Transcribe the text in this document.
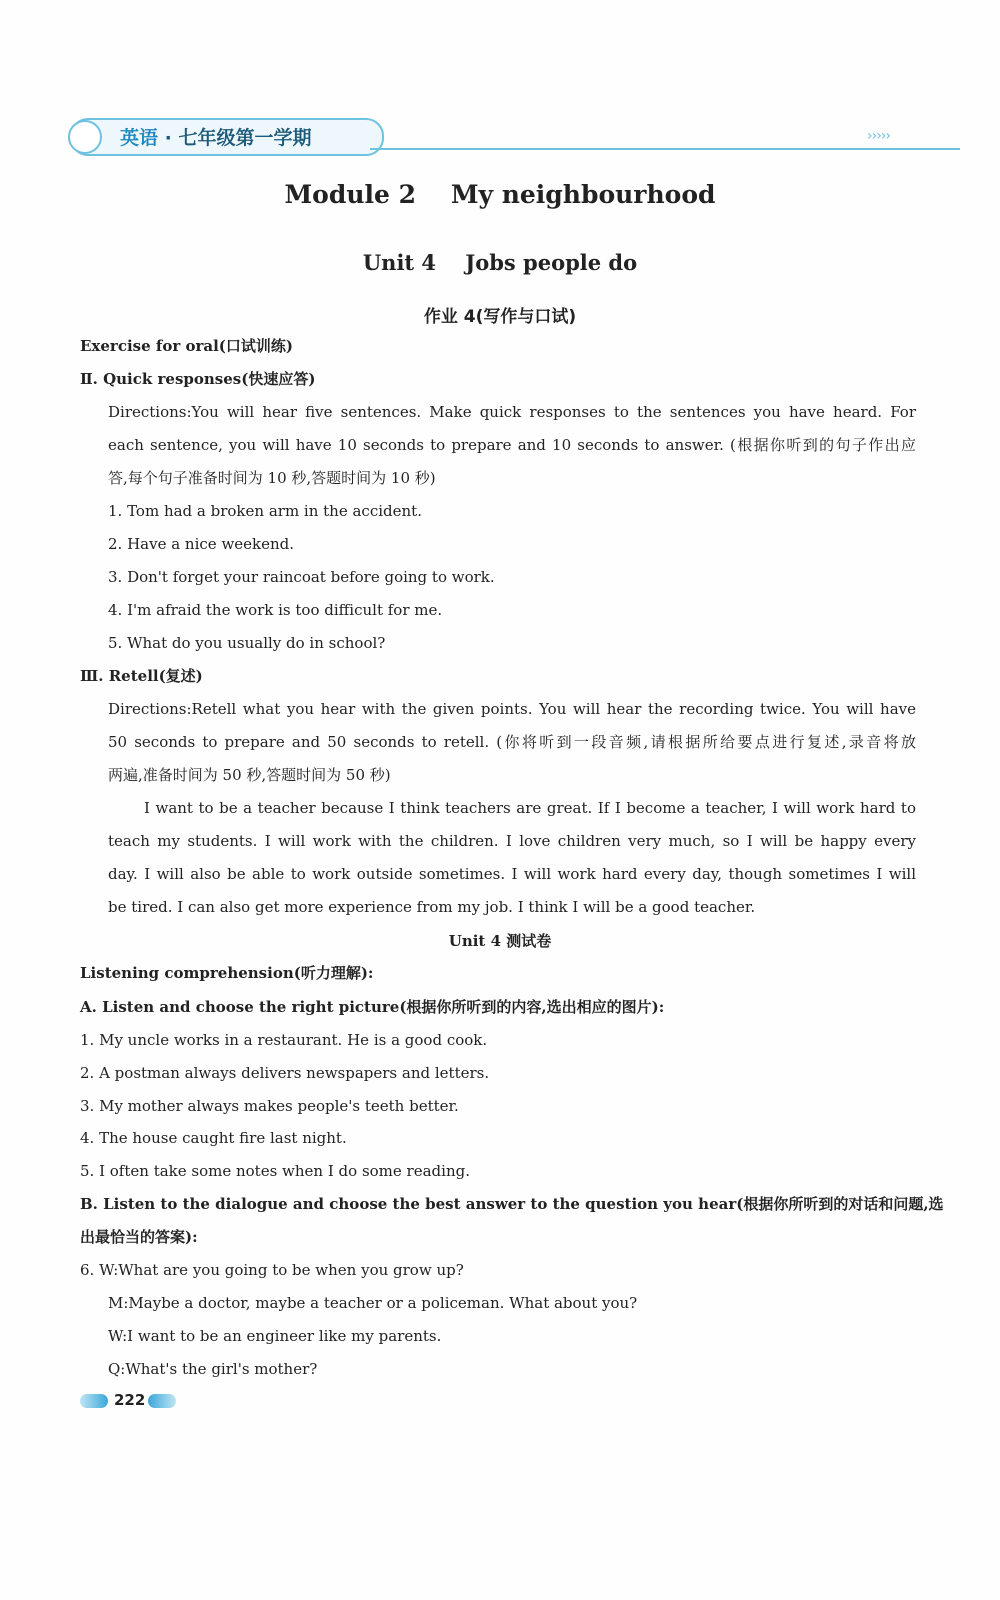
英语 · 七年级第一学期	›››››
Module 2    My neighbourhood
Unit 4    Jobs people do
作业 4(写作与口试)
Exercise for oral(口试训练)
Ⅱ. Quick responses(快速应答)
Directions:You will hear five sentences. Make quick responses to the sentences you have heard. For
each sentence, you will have 10 seconds to prepare and 10 seconds to answer. (根据你听到的句子作出应
答,每个句子准备时间为 10 秒,答题时间为 10 秒)
1. Tom had a broken arm in the accident.
2. Have a nice weekend.
3. Don't forget your raincoat before going to work.
4. I'm afraid the work is too difficult for me.
5. What do you usually do in school?
Ⅲ. Retell(复述)
Directions:Retell what you hear with the given points. You will hear the recording twice. You will have
50 seconds to prepare and 50 seconds to retell. (你将听到一段音频,请根据所给要点进行复述,录音将放
两遍,准备时间为 50 秒,答题时间为 50 秒)
I want to be a teacher because I think teachers are great. If I become a teacher, I will work hard to
teach my students. I will work with the children. I love children very much, so I will be happy every
day. I will also be able to work outside sometimes. I will work hard every day, though sometimes I will
be tired. I can also get more experience from my job. I think I will be a good teacher.
Unit 4 测试卷
Listening comprehension(听力理解):
A. Listen and choose the right picture(根据你所听到的内容,选出相应的图片):
1. My uncle works in a restaurant. He is a good cook.
2. A postman always delivers newspapers and letters.
3. My mother always makes people's teeth better.
4. The house caught fire last night.
5. I often take some notes when I do some reading.
B. Listen to the dialogue and choose the best answer to the question you hear(根据你所听到的对话和问题,选
出最恰当的答案):
6. W:What are you going to be when you grow up?
M:Maybe a doctor, maybe a teacher or a policeman. What about you?
W:I want to be an engineer like my parents.
Q:What's the girl's mother?
222
